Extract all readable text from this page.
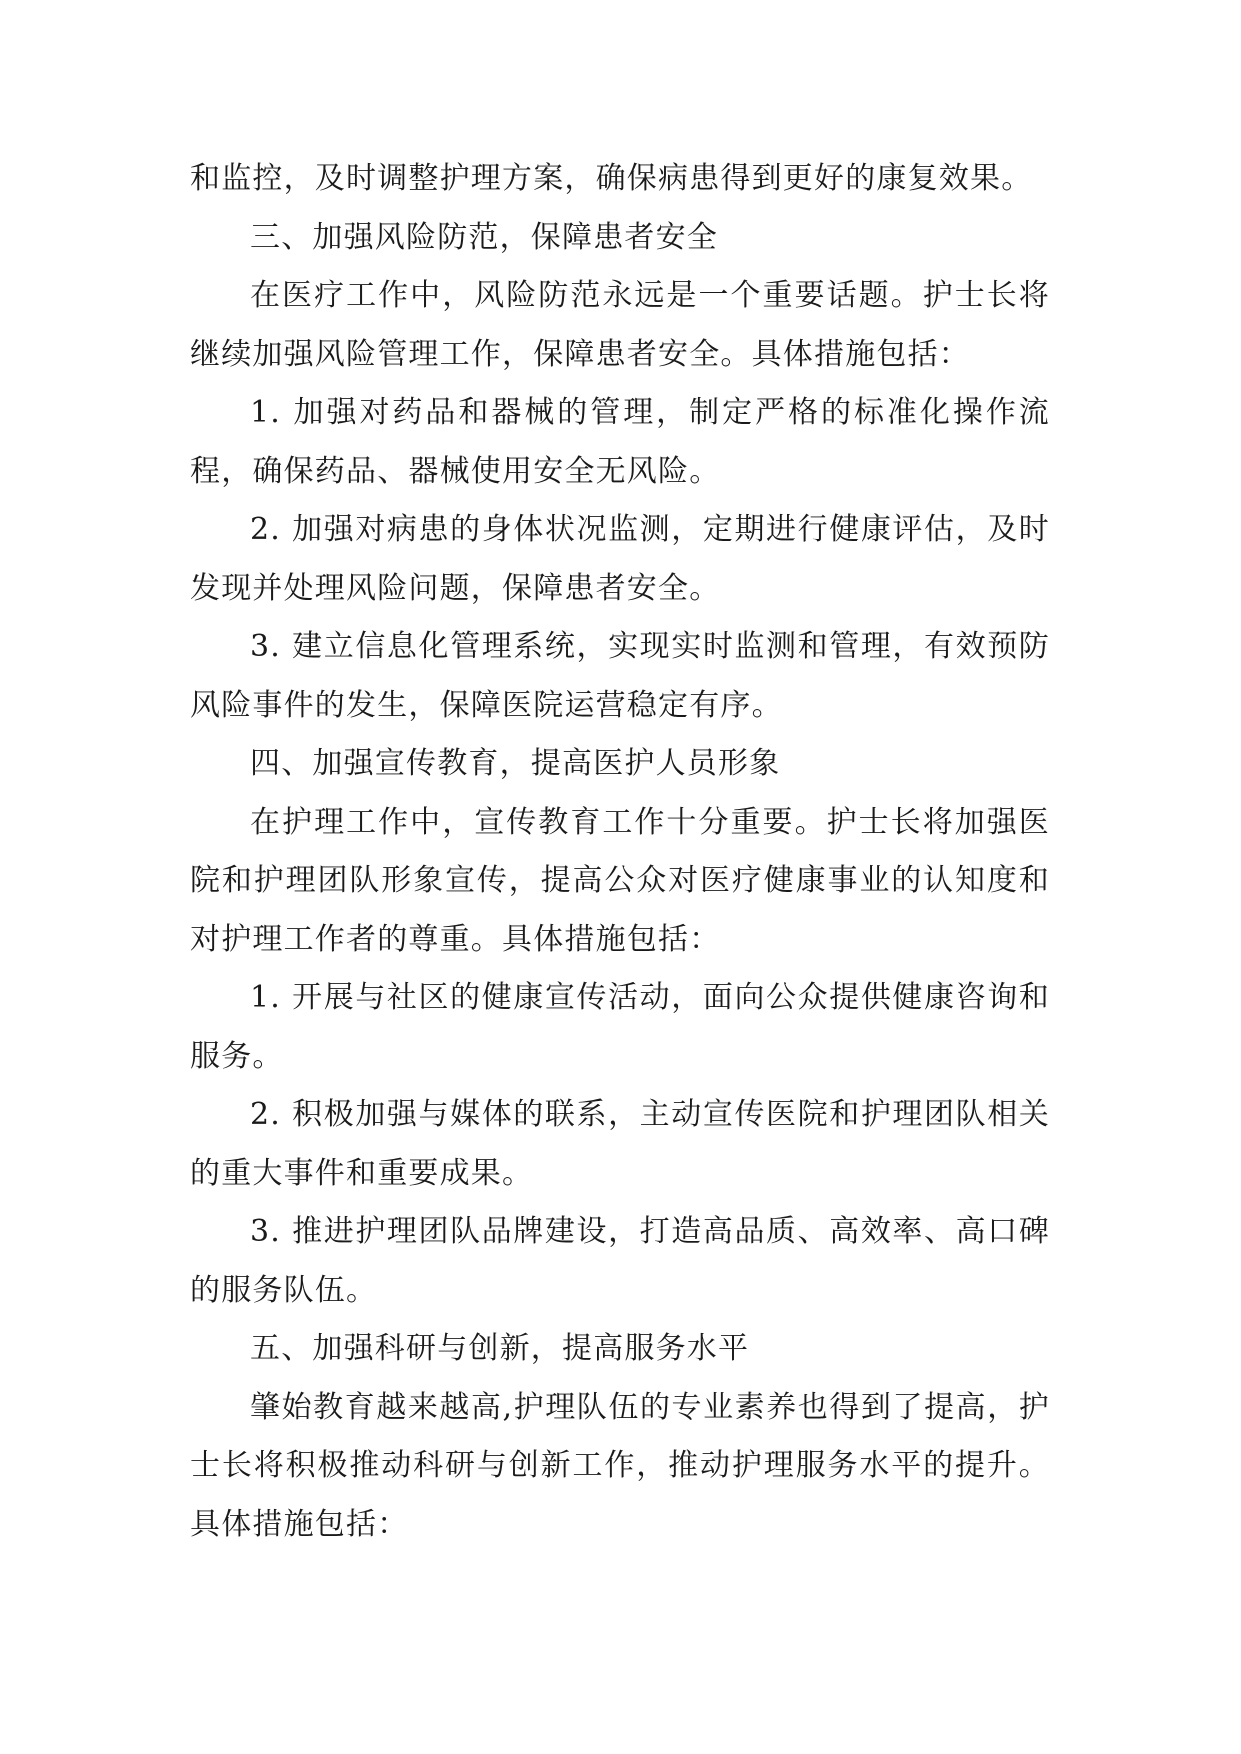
和监控，及时调整护理方案，确保病患得到更好的康复效果。

三、加强风险防范，保障患者安全

在医疗工作中，风险防范永远是一个重要话题。护士长将继续加强风险管理工作，保障患者安全。具体措施包括：

1. 加强对药品和器械的管理，制定严格的标准化操作流程，确保药品、器械使用安全无风险。

2. 加强对病患的身体状况监测，定期进行健康评估，及时发现并处理风险问题，保障患者安全。

3. 建立信息化管理系统，实现实时监测和管理，有效预防风险事件的发生，保障医院运营稳定有序。

四、加强宣传教育，提高医护人员形象

在护理工作中，宣传教育工作十分重要。护士长将加强医院和护理团队形象宣传，提高公众对医疗健康事业的认知度和对护理工作者的尊重。具体措施包括：

1. 开展与社区的健康宣传活动，面向公众提供健康咨询和服务。

2. 积极加强与媒体的联系，主动宣传医院和护理团队相关的重大事件和重要成果。

3. 推进护理团队品牌建设，打造高品质、高效率、高口碑的服务队伍。

五、加强科研与创新，提高服务水平

肇始教育越来越高,护理队伍的专业素养也得到了提高，护士长将积极推动科研与创新工作，推动护理服务水平的提升。具体措施包括：
